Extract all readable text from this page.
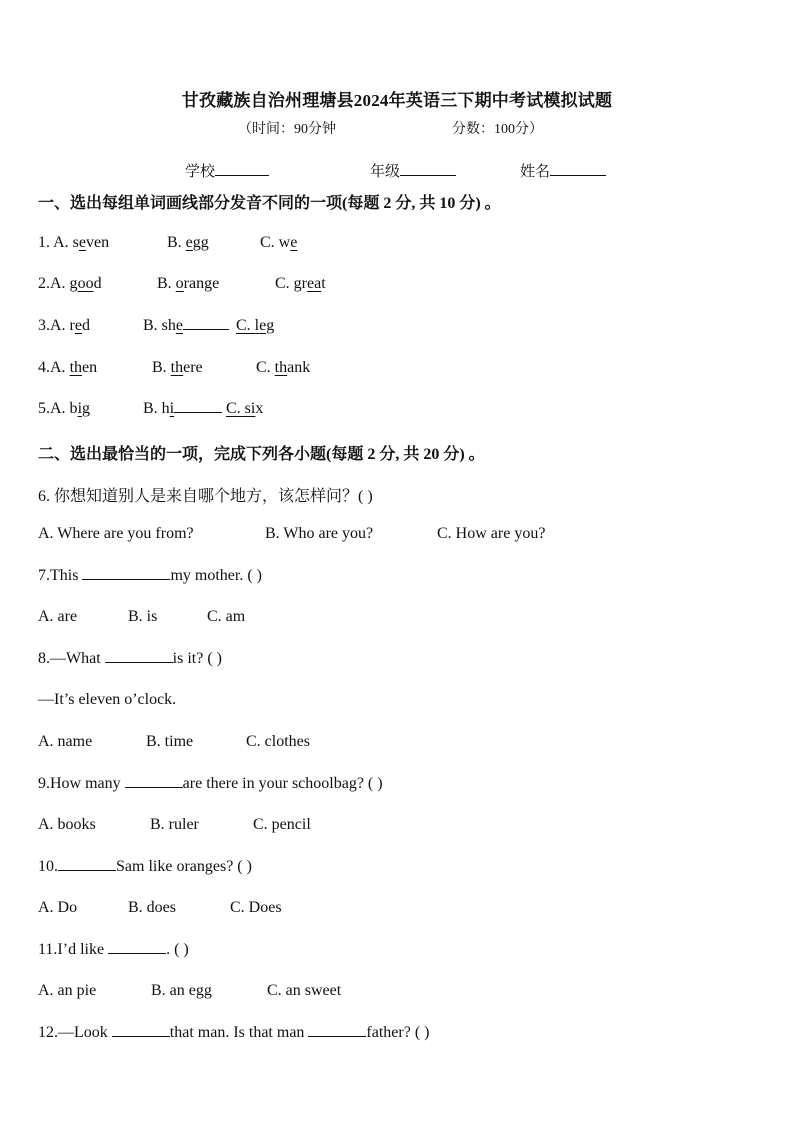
甘孜藏族自治州理塘县2024年英语三下期中考试模拟试题
（时间：90分钟	分数：100分）
学校	年级	姓名
一、选出每组单词画线部分发音不同的一项(每题 2 分, 共 10 分) 。
1. A. seven	B. egg	C. we
2.A. good	B. orange	C. great
3.A. red	B. she	C. leg
4.A. then	B. there	C. thank
5.A. big	B. hi	C. six
二、选出最恰当的一项，完成下列各小题(每题 2 分, 共 20 分) 。
6. 你想知道别人是来自哪个地方，该怎样问？( )
A. Where are you from?	B. Who are you?	C. How are you?
7.This	my mother. ( )
A. are	B. is	C. am
8.—What	is it? ( )
—It’s eleven o’clock.
A. name	B. time	C. clothes
9.How many	are there in your schoolbag? ( )
A. books	B. ruler	C. pencil
10.	Sam like oranges? ( )
A. Do	B. does	C. Does
11.I’d like	. ( )
A. an pie	B. an egg	C. an sweet
12.—Look	that man. Is that man	father? ( )
